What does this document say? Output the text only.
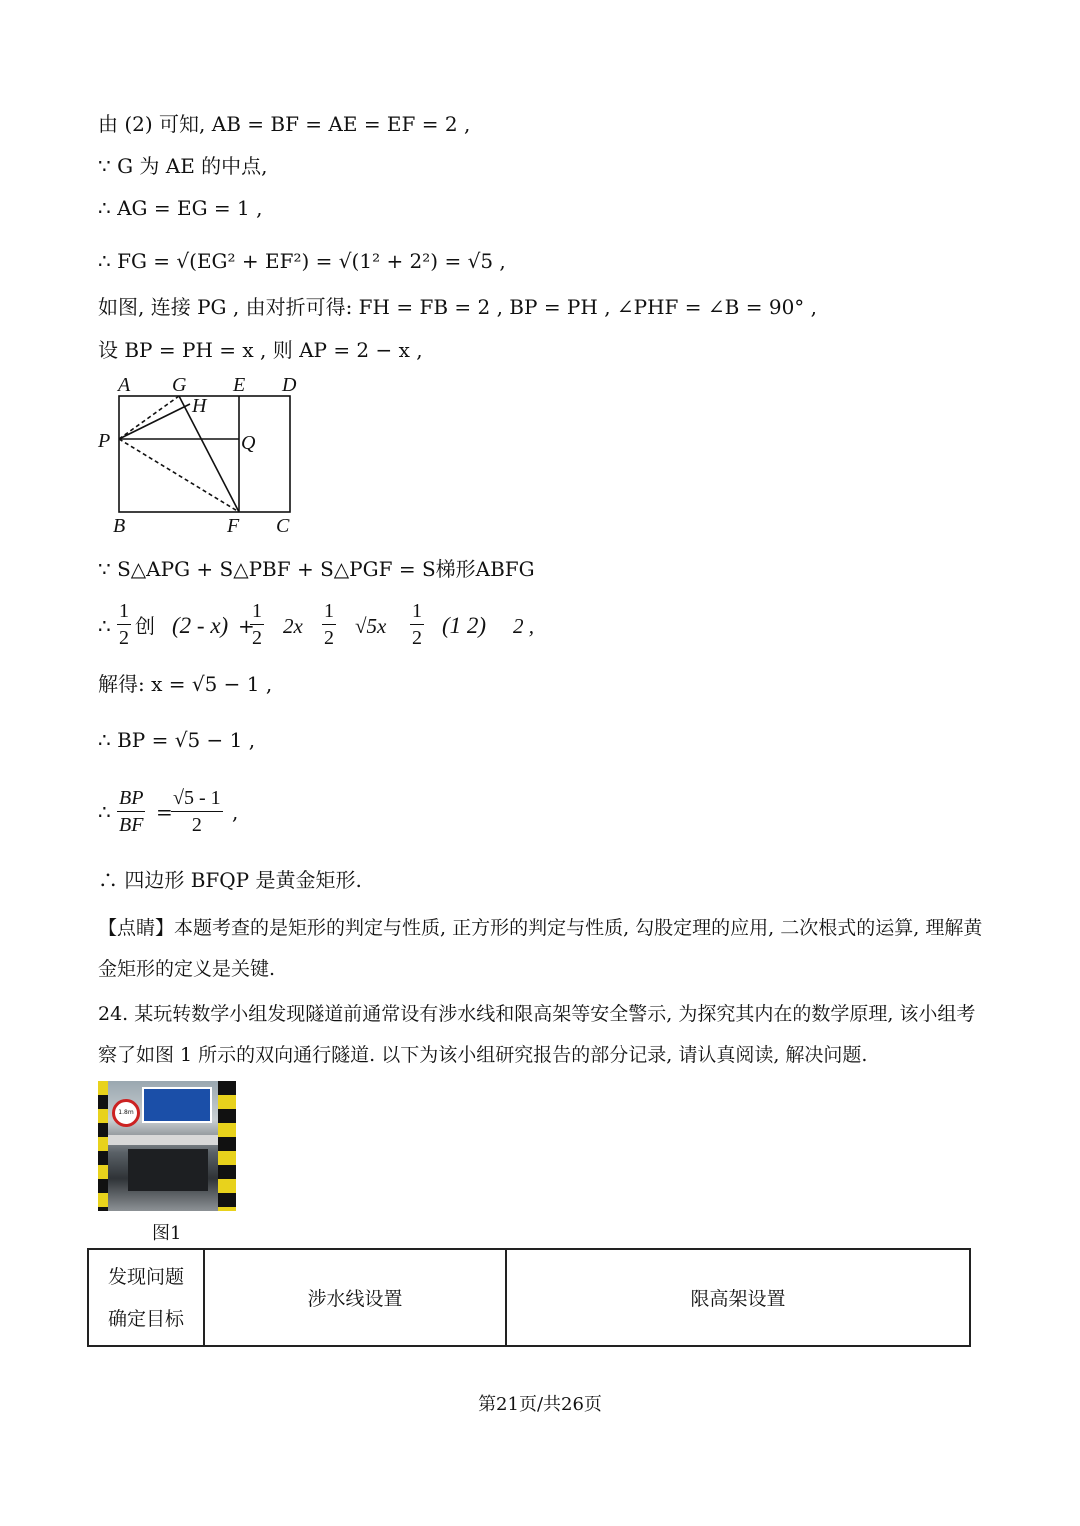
由 (2) 可知, AB = BF = AE = EF = 2 ,
∵ G 为 AE 的中点,
∴ AG = EG = 1 ,
∴ FG = √(EG² + EF²) = √(1² + 2²) = √5 ,
如图, 连接 PG , 由对折可得: FH = FB = 2 , BP = PH , ∠PHF = ∠B = 90° ,
设 BP = PH = x , 则 AP = 2 − x ,
A G E D
H
P	Q
B	F C
∵ S△APG + S△PBF + S△PGF = S梯形ABFG
∴ $\frac{1}{2}$ 创 (2 - x) +
$\frac{1}{2} 2x \frac{1}{2} √5x \frac{1}{2} (1$ 2) 2 ,
解得: x = √5 − 1 ,
∴ BP = √5 − 1 ,
∴ $\frac{BP}{BF}$ =
$\frac{√5 - 1}{2}$ ,
∴ 四边形 BFQP 是黄金矩形.
【点睛】本题考查的是矩形的判定与性质, 正方形的判定与性质, 勾股定理的应用, 二次根式的运算, 理解黄金矩形的定义是关键.
24. 某玩转数学小组发现隧道前通常设有涉水线和限高架等安全警示, 为探究其内在的数学原理, 该小组考察了如图 1 所示的双向通行隧道. 以下为该小组研究报告的部分记录, 请认真阅读, 解决问题.
1.8m
图1
发现问题
确定目标
	涉水线设置	限高架设置
第21页/共26页
